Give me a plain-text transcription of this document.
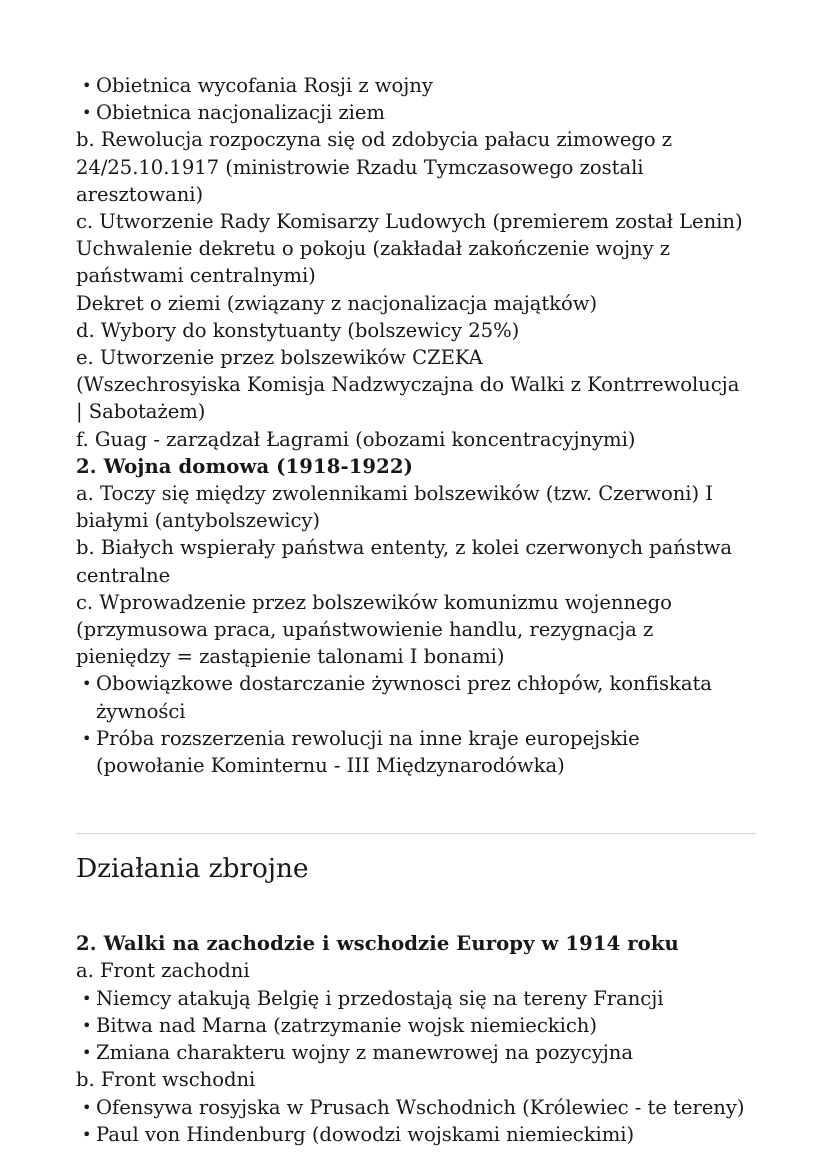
• Obietnica wycofania Rosji z wojny

• Obietnica nacjonalizacji ziem

b. Rewolucja rozpoczyna się od zdobycia pałacu zimowego z 24/25.10.1917 (ministrowie Rzadu Tymczasowego zostali aresztowani)

c. Utworzenie Rady Komisarzy Ludowych (premierem został Lenin)

Uchwalenie dekretu o pokoju (zakładał zakończenie wojny z państwami centralnymi)

Dekret o ziemi (związany z nacjonalizacja majątków)

d. Wybory do konstytuanty (bolszewicy 25%)

e. Utworzenie przez bolszewików CZEKA

(Wszechrosyiska Komisja Nadzwyczajna do Walki z Kontrrewolucja | Sabotażem)

f. Guag - zarządzał Łagrami (obozami koncentracyjnymi)

2. Wojna domowa (1918-1922)

a. Toczy się między zwolennikami bolszewików (tzw. Czerwoni) I białymi (antybolszewicy)

b. Białych wspierały państwa ententy, z kolei czerwonych państwa centralne

c. Wprowadzenie przez bolszewików komunizmu wojennego (przymusowa praca, upaństwowienie handlu, rezygnacja z pieniędzy = zastąpienie talonami I bonami)

• Obowiązkowe dostarczanie żywnosci prez chłopów, konfiskata żywności

• Próba rozszerzenia rewolucji na inne kraje europejskie (powołanie Kominternu - III Międzynarodówka)

Działania zbrojne

2. Walki na zachodzie i wschodzie Europy w 1914 roku

a. Front zachodni

• Niemcy atakują Belgię i przedostają się na tereny Francji

• Bitwa nad Marna (zatrzymanie wojsk niemieckich)

• Zmiana charakteru wojny z manewrowej na pozycyjna

b. Front wschodni

• Ofensywa rosyjska w Prusach Wschodnich (Królewiec - te tereny)

• Paul von Hindenburg (dowodzi wojskami niemieckimi)
